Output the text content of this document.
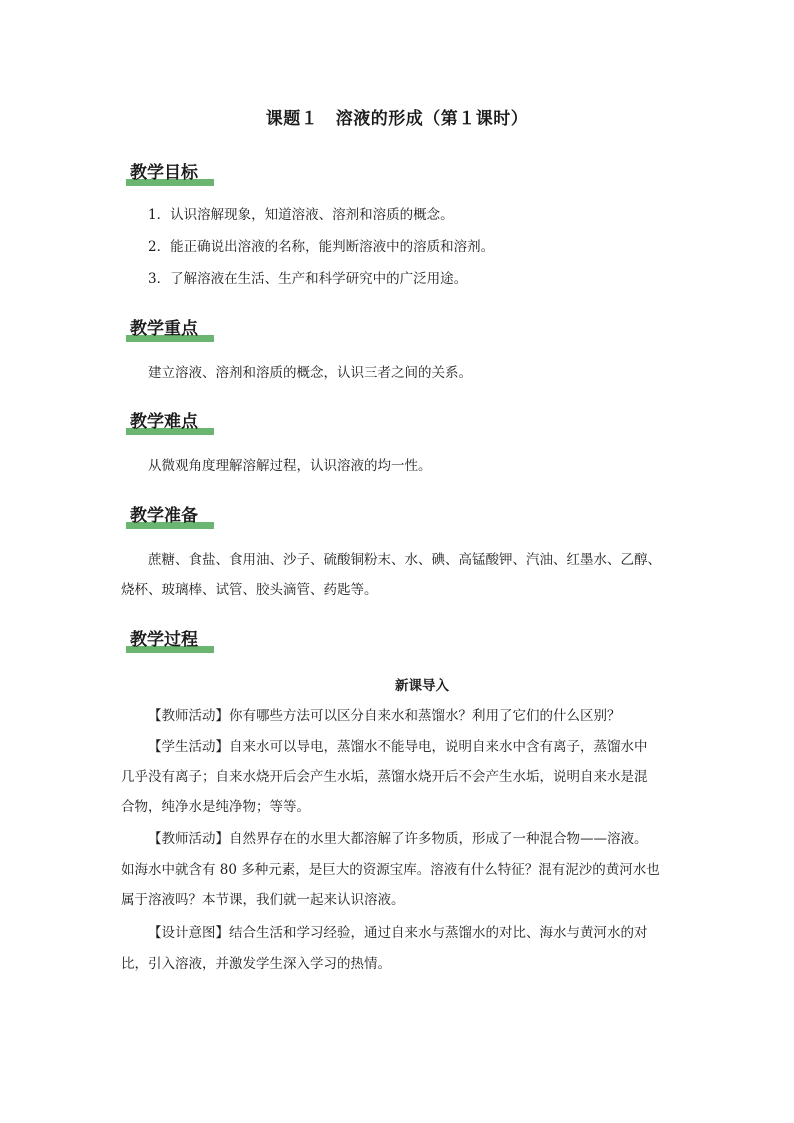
课题１　溶液的形成（第１课时）
教学目标
1．认识溶解现象，知道溶液、溶剂和溶质的概念。
2．能正确说出溶液的名称，能判断溶液中的溶质和溶剂。
3．了解溶液在生活、生产和科学研究中的广泛用途。
教学重点
建立溶液、溶剂和溶质的概念，认识三者之间的关系。
教学难点
从微观角度理解溶解过程，认识溶液的均一性。
教学准备
蔗糖、食盐、食用油、沙子、硫酸铜粉末、水、碘、高锰酸钾、汽油、红墨水、乙醇、
烧杯、玻璃棒、试管、胶头滴管、药匙等。
教学过程
新课导入
【教师活动】你有哪些方法可以区分自来水和蒸馏水？利用了它们的什么区别？
【学生活动】自来水可以导电，蒸馏水不能导电，说明自来水中含有离子，蒸馏水中
几乎没有离子；自来水烧开后会产生水垢，蒸馏水烧开后不会产生水垢，说明自来水是混
合物，纯净水是纯净物；等等。
【教师活动】自然界存在的水里大都溶解了许多物质，形成了一种混合物——溶液。
如海水中就含有 80 多种元素，是巨大的资源宝库。溶液有什么特征？混有泥沙的黄河水也
属于溶液吗？本节课，我们就一起来认识溶液。
【设计意图】结合生活和学习经验，通过自来水与蒸馏水的对比、海水与黄河水的对
比，引入溶液，并激发学生深入学习的热情。
